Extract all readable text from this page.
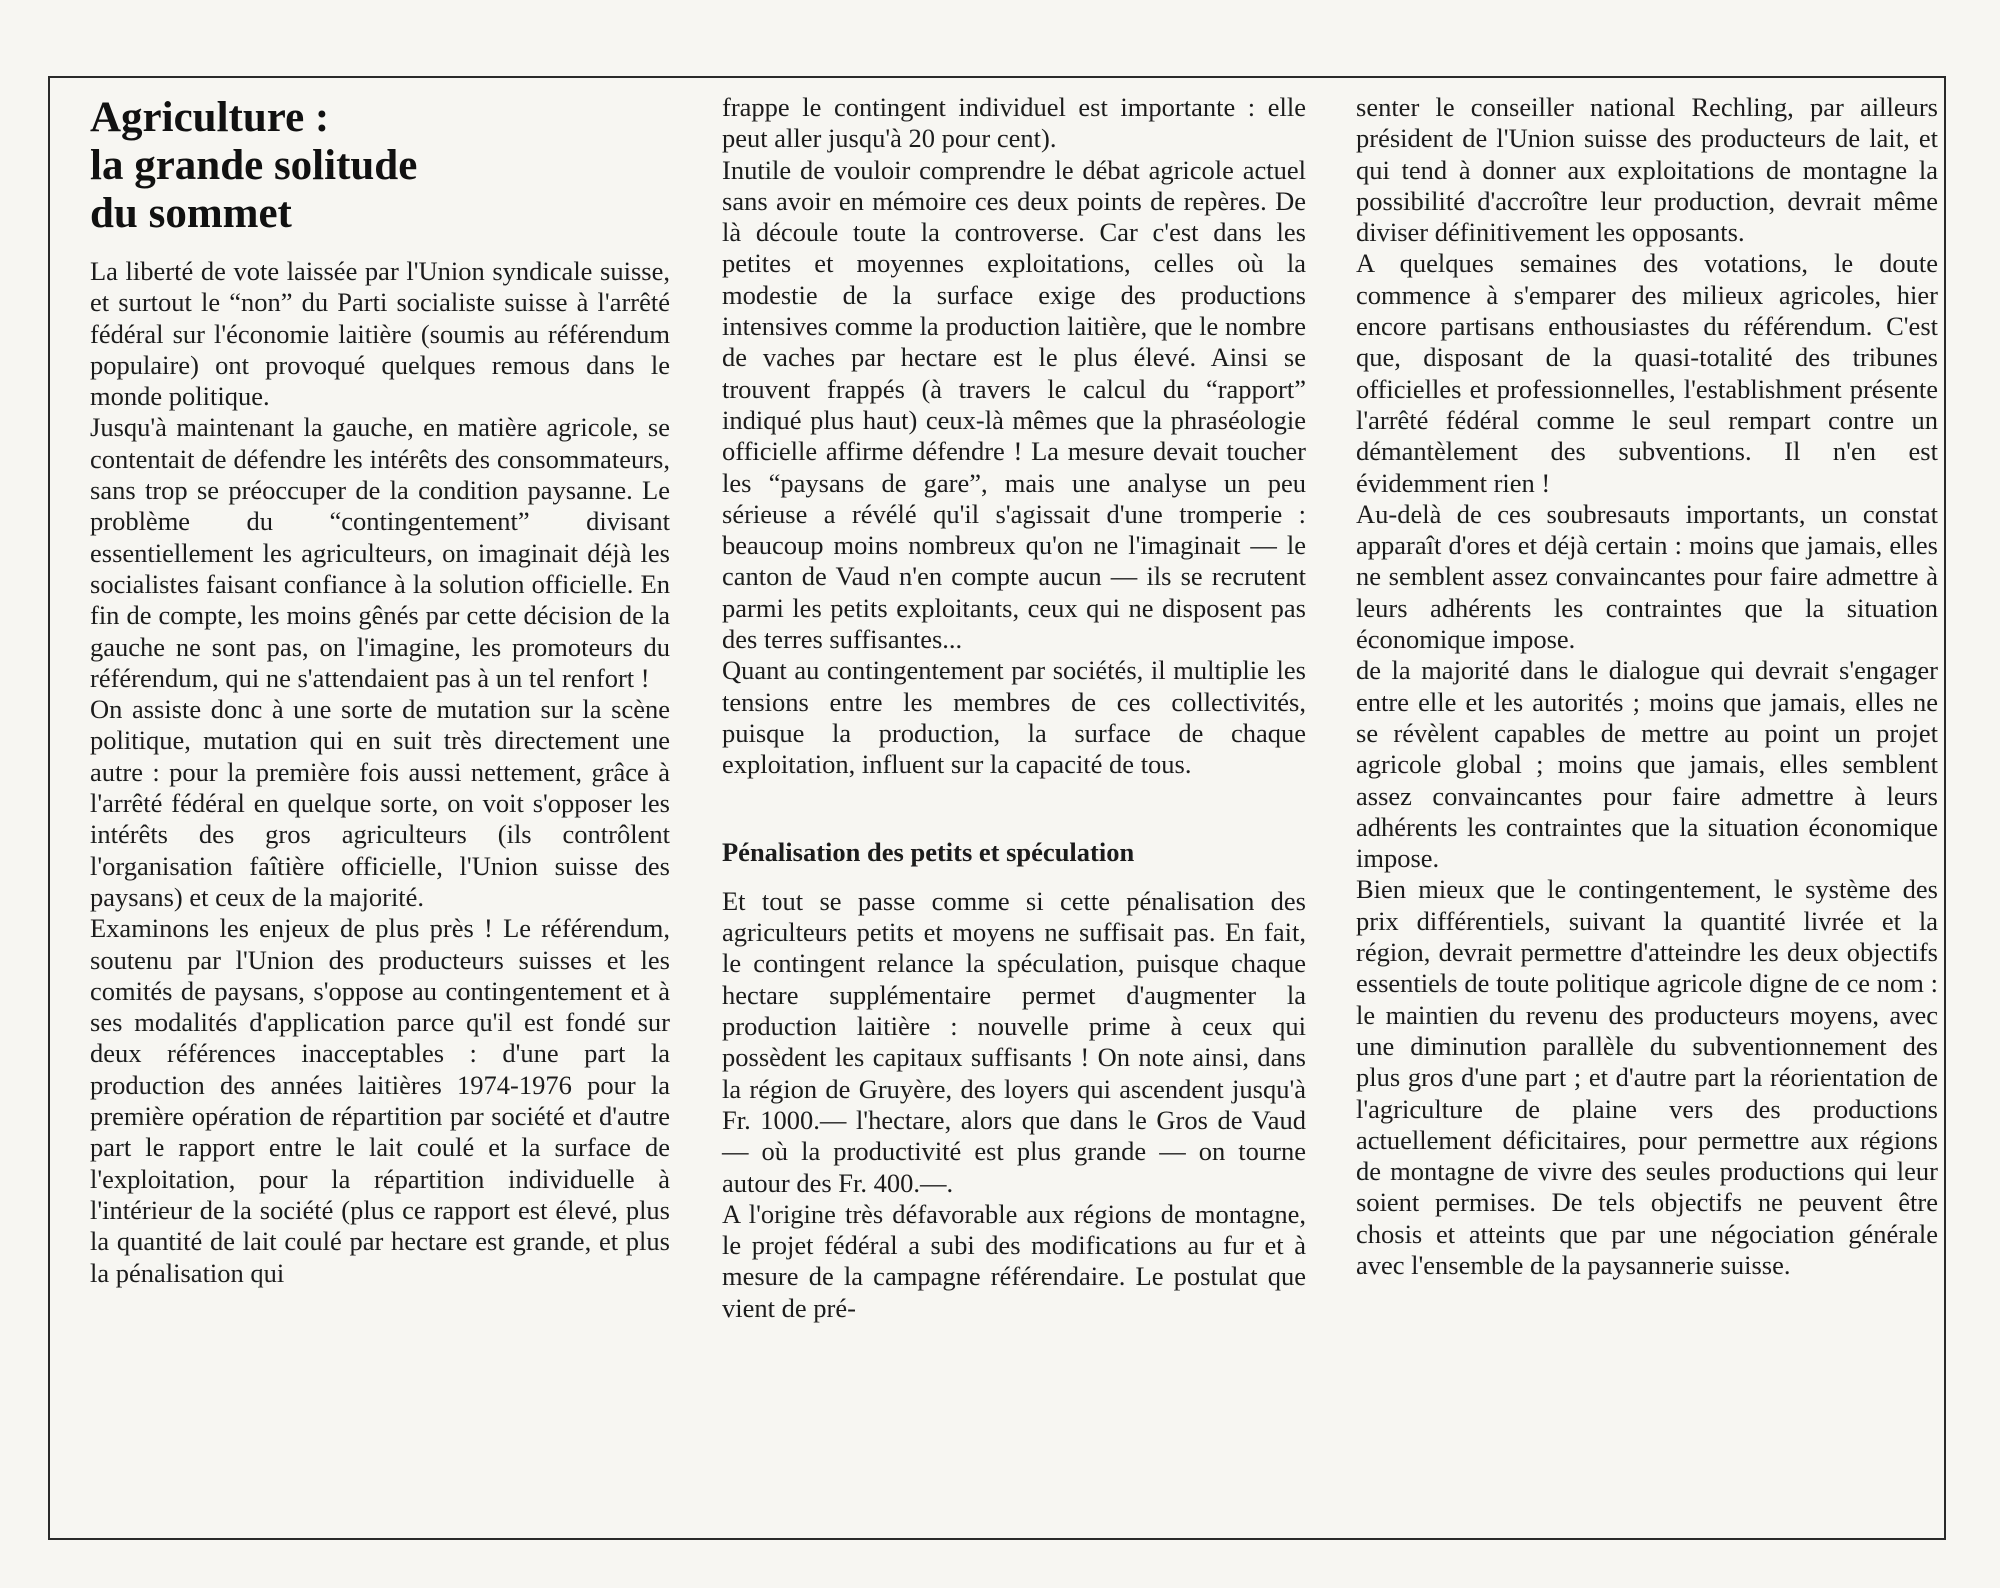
Agriculture :
la grande solitude
du sommet

La liberté de vote laissée par l'Union syndicale suisse, et surtout le “non” du Parti socialiste suisse à l'arrêté fédéral sur l'économie laitière (soumis au référendum populaire) ont provoqué quelques remous dans le monde politique.

Jusqu'à maintenant la gauche, en matière agricole, se contentait de défendre les intérêts des consommateurs, sans trop se préoccuper de la condition paysanne. Le problème du “contingentement” divisant essentiellement les agriculteurs, on imaginait déjà les socialistes faisant confiance à la solution officielle. En fin de compte, les moins gênés par cette décision de la gauche ne sont pas, on l'imagine, les promoteurs du référendum, qui ne s'attendaient pas à un tel renfort !

On assiste donc à une sorte de mutation sur la scène politique, mutation qui en suit très directement une autre : pour la première fois aussi nettement, grâce à l'arrêté fédéral en quelque sorte, on voit s'opposer les intérêts des gros agriculteurs (ils contrôlent l'organisation faîtière officielle, l'Union suisse des paysans) et ceux de la majorité.

Examinons les enjeux de plus près ! Le référendum, soutenu par l'Union des producteurs suisses et les comités de paysans, s'oppose au contingentement et à ses modalités d'application parce qu'il est fondé sur deux références inacceptables : d'une part la production des années laitières 1974-1976 pour la première opération de répartition par société et d'autre part le rapport entre le lait coulé et la surface de l'exploitation, pour la répartition individuelle à l'intérieur de la société (plus ce rapport est élevé, plus la quantité de lait coulé par hectare est grande, et plus la pénalisation qui

frappe le contingent individuel est importante : elle peut aller jusqu'à 20 pour cent).

Inutile de vouloir comprendre le débat agricole actuel sans avoir en mémoire ces deux points de repères. De là découle toute la controverse. Car c'est dans les petites et moyennes exploitations, celles où la modestie de la surface exige des productions intensives comme la production laitière, que le nombre de vaches par hectare est le plus élevé. Ainsi se trouvent frappés (à travers le calcul du “rapport” indiqué plus haut) ceux-là mêmes que la phraséologie officielle affirme défendre ! La mesure devait toucher les “paysans de gare”, mais une analyse un peu sérieuse a révélé qu'il s'agissait d'une tromperie : beaucoup moins nombreux qu'on ne l'imaginait — le canton de Vaud n'en compte aucun — ils se recrutent parmi les petits exploitants, ceux qui ne disposent pas des terres suffisantes...

Quant au contingentement par sociétés, il multiplie les tensions entre les membres de ces collectivités, puisque la production, la surface de chaque exploitation, influent sur la capacité de tous.

Pénalisation des petits et spéculation

Et tout se passe comme si cette pénalisation des agriculteurs petits et moyens ne suffisait pas. En fait, le contingent relance la spéculation, puisque chaque hectare supplémentaire permet d'augmenter la production laitière : nouvelle prime à ceux qui possèdent les capitaux suffisants ! On note ainsi, dans la région de Gruyère, des loyers qui ascendent jusqu'à Fr. 1000.— l'hectare, alors que dans le Gros de Vaud — où la productivité est plus grande — on tourne autour des Fr. 400.—.

A l'origine très défavorable aux régions de montagne, le projet fédéral a subi des modifications au fur et à mesure de la campagne référendaire. Le postulat que vient de pré-

senter le conseiller national Rechling, par ailleurs président de l'Union suisse des producteurs de lait, et qui tend à donner aux exploitations de montagne la possibilité d'accroître leur production, devrait même diviser définitivement les opposants.

A quelques semaines des votations, le doute commence à s'emparer des milieux agricoles, hier encore partisans enthousiastes du référendum. C'est que, disposant de la quasi-totalité des tribunes officielles et professionnelles, l'establishment présente l'arrêté fédéral comme le seul rempart contre un démantèlement des subventions. Il n'en est évidemment rien !

Au-delà de ces soubresauts importants, un constat apparaît d'ores et déjà certain : moins que jamais, elles ne semblent assez convaincantes pour faire admettre à leurs adhérents les contraintes que la situation économique impose.

de la majorité dans le dialogue qui devrait s'engager entre elle et les autorités ; moins que jamais, elles ne se révèlent capables de mettre au point un projet agricole global ; moins que jamais, elles semblent assez convaincantes pour faire admettre à leurs adhérents les contraintes que la situation économique impose.

Bien mieux que le contingentement, le système des prix différentiels, suivant la quantité livrée et la région, devrait permettre d'atteindre les deux objectifs essentiels de toute politique agricole digne de ce nom : le maintien du revenu des producteurs moyens, avec une diminution parallèle du subventionnement des plus gros d'une part ; et d'autre part la réorientation de l'agriculture de plaine vers des productions actuellement déficitaires, pour permettre aux régions de montagne de vivre des seules productions qui leur soient permises. De tels objectifs ne peuvent être chosis et atteints que par une négociation générale avec l'ensemble de la paysannerie suisse.
